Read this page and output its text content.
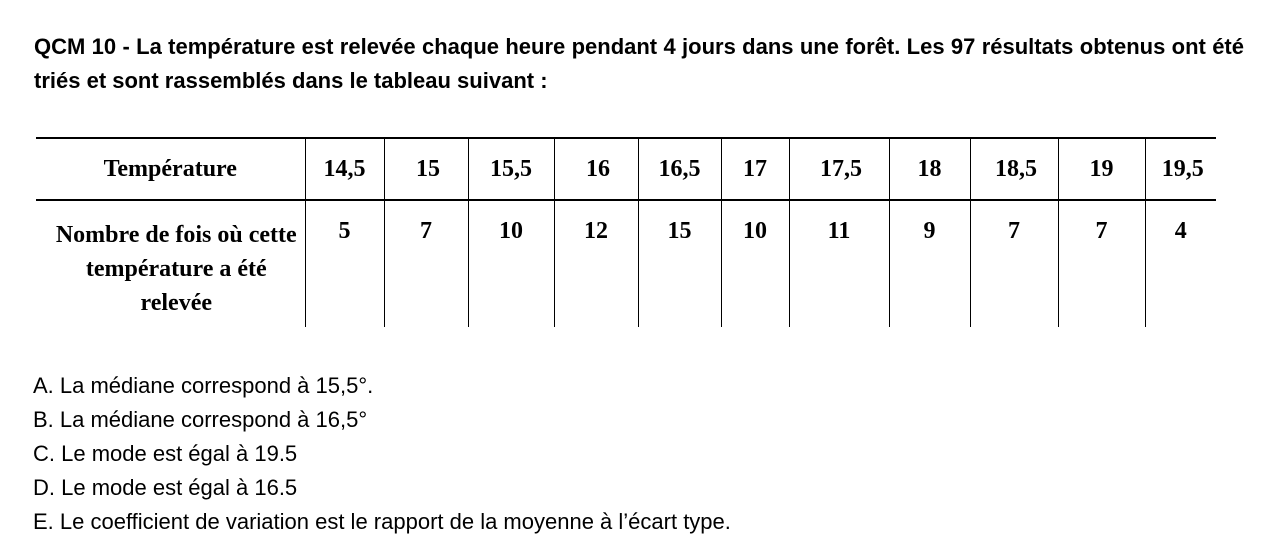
QCM 10 - La température est relevée chaque heure pendant 4 jours dans une forêt. Les 97 résultats obtenus ont été triés et sont rassemblés dans le tableau suivant :

Température	14,5	15	15,5	16	16,5	17	17,5	18	18,5	19	19,5
Nombre de fois où cette température a été relevée	5	7	10	12	15	10	11	9	7	7	4
A. La médiane correspond à 15,5°.
B. La médiane correspond à 16,5°
C. Le mode est égal à 19.5
D. Le mode est égal à 16.5
E. Le coefficient de variation est le rapport de la moyenne à l’écart type.
